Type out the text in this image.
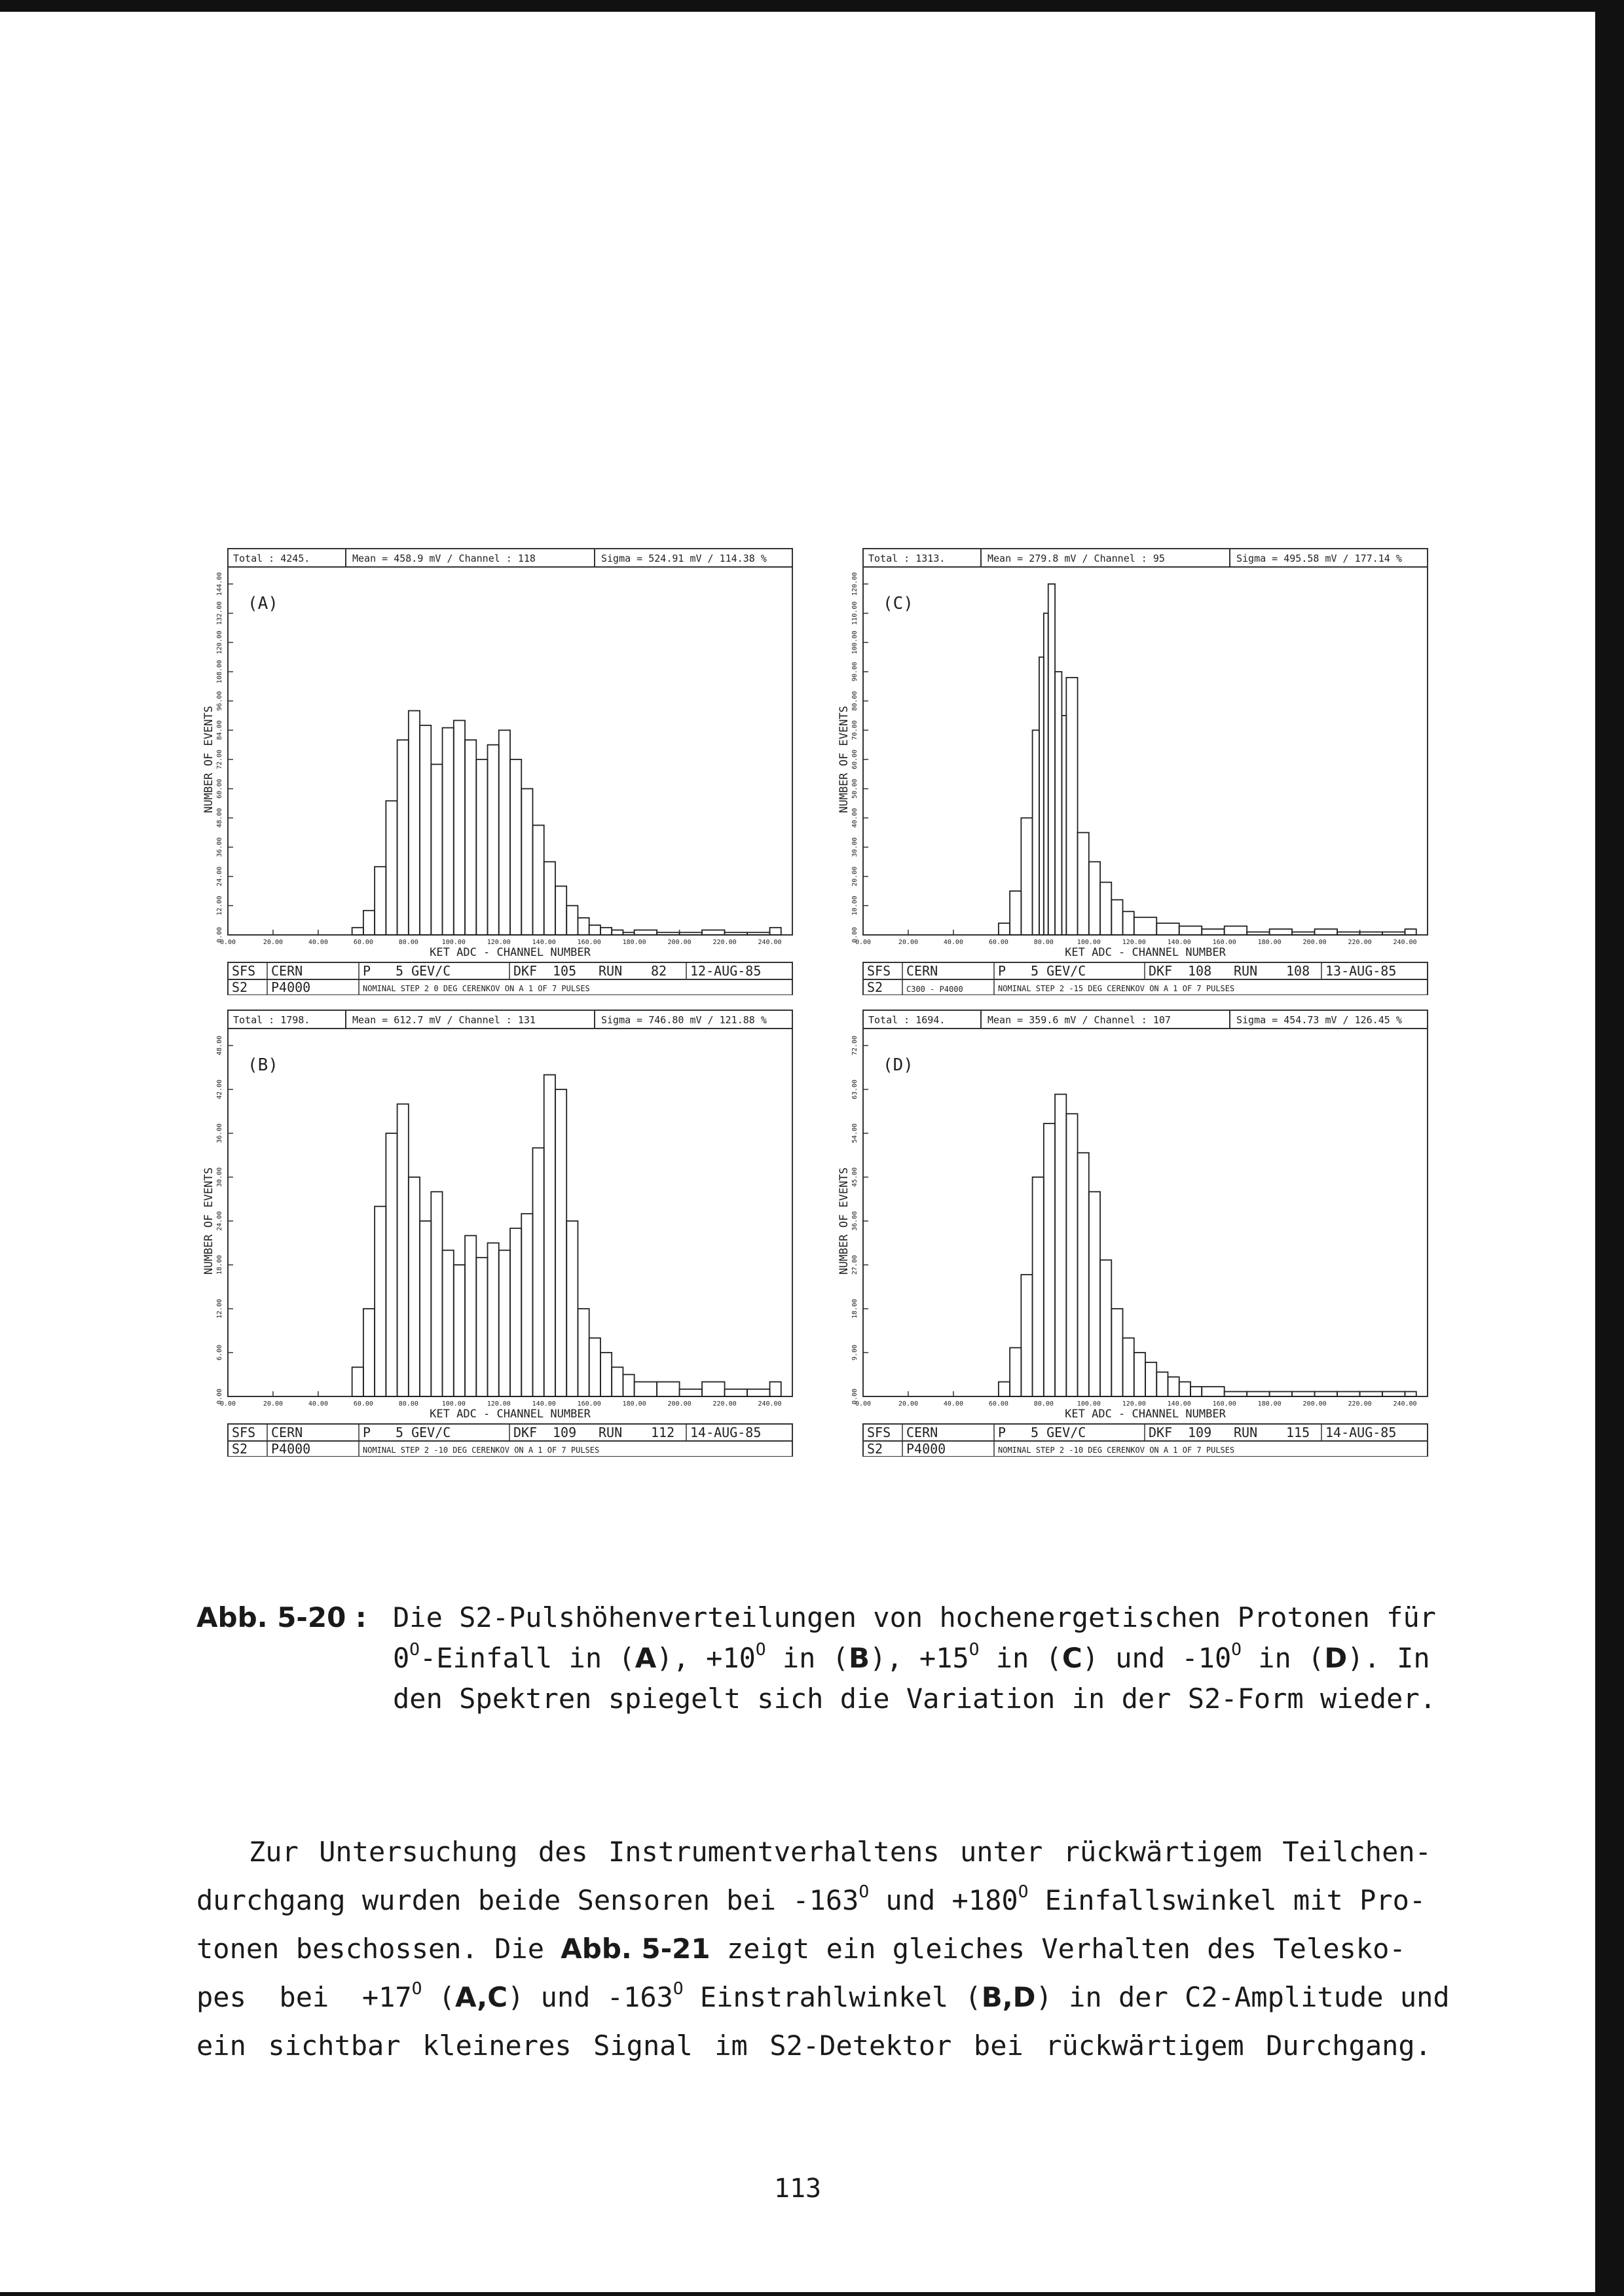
Total : 4245.	Mean = 458.9 mV / Channel : 118	Sigma = 524.91 mV / 114.38 %
(A)
0.00
12.00
24.00
36.00
48.00
60.00
72.00
84.00
96.00
108.00
120.00
132.00
144.00
NUMBER OF EVENTS
0.00	20.00	40.00	60.00	80.00	100.00	120.00	140.00	160.00	180.00	200.00	220.00	240.00
KET ADC - CHANNEL NUMBER
SFS CERN	P 5 GEV/C	DKF 105 RUN 82 12-AUG-85
S2 P4000	NOMINAL STEP 2 0 DEG CERENKOV ON A 1 OF 7 PULSES
Total : 1313.	Mean = 279.8 mV / Channel : 95	Sigma = 495.58 mV / 177.14 %
(C)
0.00
10.00
20.00
30.00
40.00
50.00
60.00
70.00
80.00
90.00
100.00
110.00
120.00
NUMBER OF EVENTS
0.00	20.00	40.00	60.00	80.00	100.00	120.00	140.00	160.00	180.00	200.00	220.00	240.00
KET ADC - CHANNEL NUMBER
SFS CERN	P 5 GEV/C	DKF 108 RUN 108 13-AUG-85
S2	C300 - P4000	NOMINAL STEP 2 -15 DEG CERENKOV ON A 1 OF 7 PULSES
Total : 1798.	Mean = 612.7 mV / Channel : 131	Sigma = 746.80 mV / 121.88 %
(B)
0.00
6.00
12.00
18.00
24.00
30.00
36.00
42.00
48.00
NUMBER OF EVENTS
0.00	20.00	40.00	60.00	80.00	100.00	120.00	140.00	160.00	180.00	200.00	220.00	240.00
KET ADC - CHANNEL NUMBER
SFS CERN	P 5 GEV/C	DKF 109 RUN 112 14-AUG-85
S2 P4000	NOMINAL STEP 2 -10 DEG CERENKOV ON A 1 OF 7 PULSES
Total : 1694.	Mean = 359.6 mV / Channel : 107	Sigma = 454.73 mV / 126.45 %
(D)
0.00
9.00
18.00
27.00
36.00
45.00
54.00
63.00
72.00
NUMBER OF EVENTS
0.00	20.00	40.00	60.00	80.00	100.00	120.00	140.00	160.00	180.00	200.00	220.00	240.00
KET ADC - CHANNEL NUMBER
SFS CERN	P 5 GEV/C	DKF 109 RUN 115 14-AUG-85
S2 P4000	NOMINAL STEP 2 -10 DEG CERENKOV ON A 1 OF 7 PULSES
Abb. 5-20 : Die S2-Pulshöhenverteilungen von hochenergetischen Protonen für
$0^O$-Einfall in (A), $+10^O$ in (B), $+15^O$ in (C) und $-10^O$ in (D). In
den Spektren spiegelt sich die Variation in der S2-Form wieder.
Zur Untersuchung des Instrumentverhaltens unter rückwärtigem Teilchen-
durchgang wurden beide Sensoren bei $-163^O$ und $+180^O$ Einfallswinkel mit Pro-
tonen beschossen. Die Abb. 5-21 zeigt ein gleiches Verhalten des Telesko-
pes  bei  $+17^O$ (A,C) und $-163^O$ Einstrahlwinkel (B,D) in der C2-Amplitude und
ein sichtbar kleineres Signal im S2-Detektor bei rückwärtigem Durchgang.
113
